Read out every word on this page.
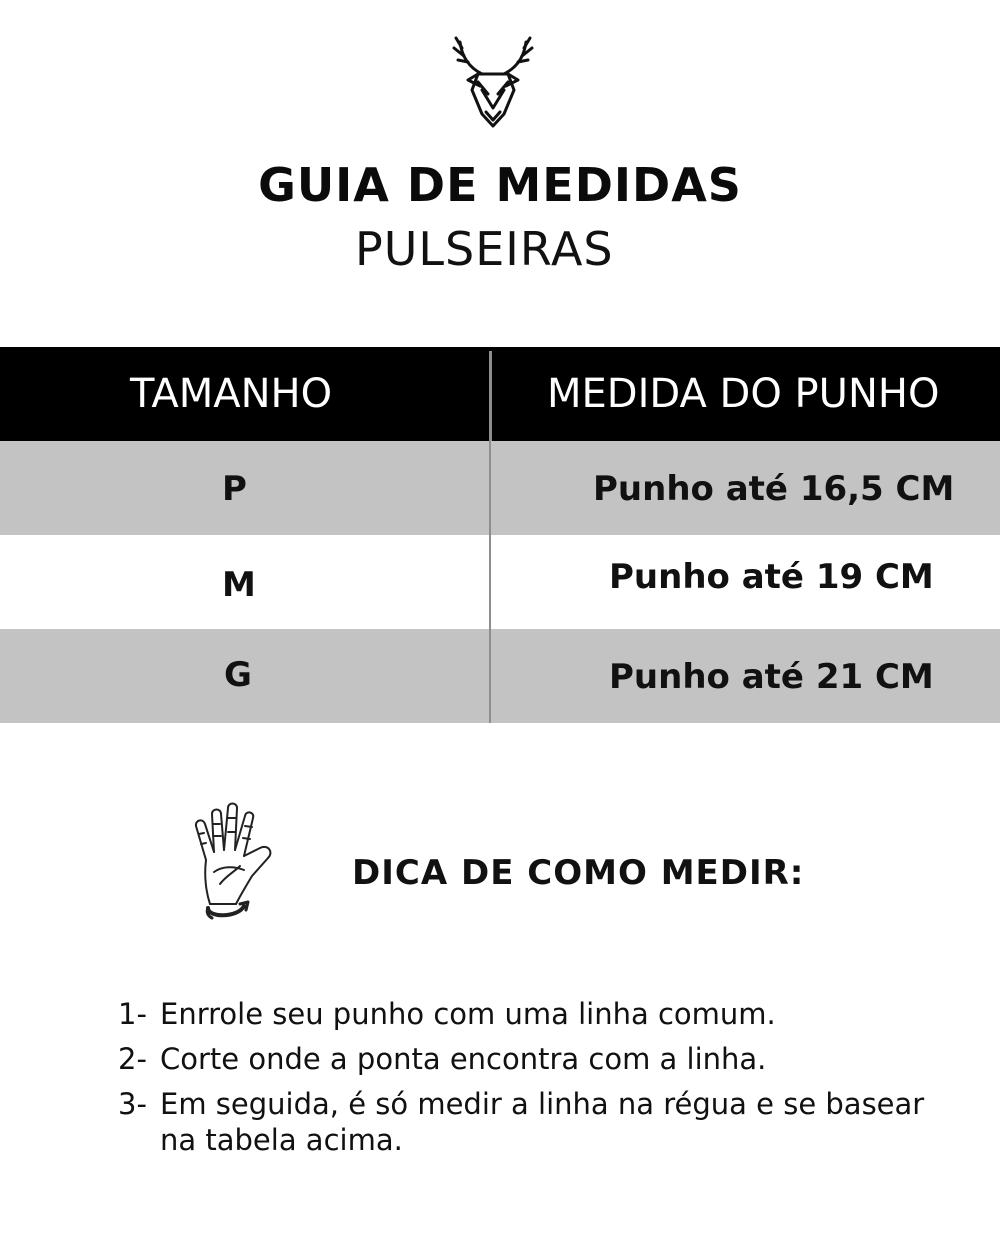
GUIA DE MEDIDAS
PULSEIRAS
TAMANHO	MEDIDA DO PUNHO
P	Punho até 16,5 CM
M	Punho até 19 CM
G	Punho até 21 CM
DICA DE COMO MEDIR:
1- Enrrole seu punho com uma linha comum.
2- Corte onde a ponta encontra com a linha.
3- Em seguida, é só medir a linha na régua e se basear na tabela acima.
